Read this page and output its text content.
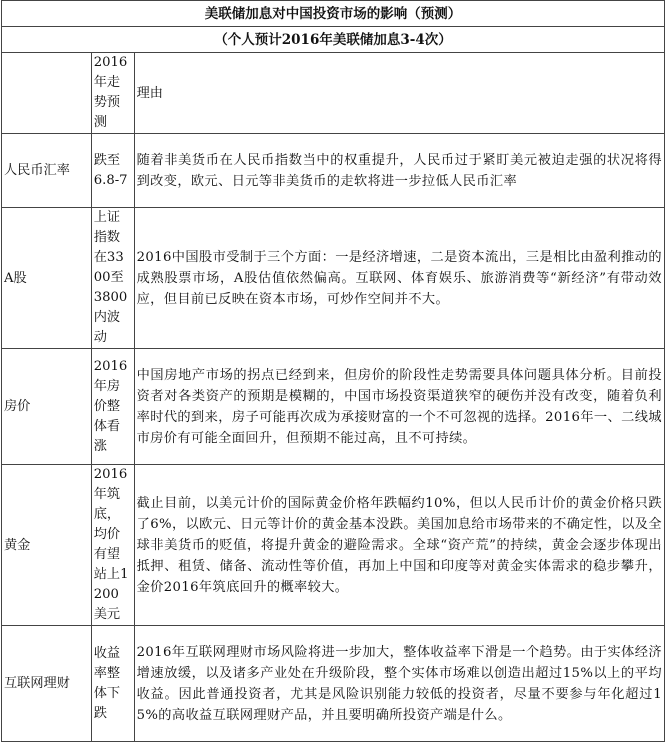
美联储加息对中国投资市场的影响（预测）		
（个人预计2016年美联储加息3-4次）		
	2016年走势预测	理由
人民币汇率	跌至6.8-7	随着非美货币在人民币指数当中的权重提升，人民币过于紧盯美元被迫走强的状况将得到改变，欧元、日元等非美货币的走软将进一步拉低人民币汇率
A股	上证指数在3300至3800内波动	2016中国股市受制于三个方面：一是经济增速，二是资本流出，三是相比由盈利推动的成熟股票市场，A股估值依然偏高。互联网、体育娱乐、旅游消费等“新经济”有带动效应，但目前已反映在资本市场，可炒作空间并不大。
房价	2016年房价整体看涨	中国房地产市场的拐点已经到来，但房价的阶段性走势需要具体问题具体分析。目前投资者对各类资产的预期是模糊的，中国市场投资渠道狭窄的硬伤并没有改变，随着负利率时代的到来，房子可能再次成为承接财富的一个不可忽视的选择。2016年一、二线城市房价有可能全面回升，但预期不能过高，且不可持续。
黄金	2016年筑底，均价有望站上1200美元	截止目前，以美元计价的国际黄金价格年跌幅约10%，但以人民币计价的黄金价格只跌了6%，以欧元、日元等计价的黄金基本没跌。美国加息给市场带来的不确定性，以及全球非美货币的贬值，将提升黄金的避险需求。全球“资产荒”的持续，黄金会逐步体现出抵押、租赁、储备、流动性等价值，再加上中国和印度等对黄金实体需求的稳步攀升，金价2016年筑底回升的概率较大。
互联网理财	收益率整体下跌	2016年互联网理财市场风险将进一步加大，整体收益率下滑是一个趋势。由于实体经济增速放缓，以及诸多产业处在升级阶段，整个实体市场难以创造出超过15%以上的平均收益。因此普通投资者，尤其是风险识别能力较低的投资者，尽量不要参与年化超过15%的高收益互联网理财产品，并且要明确所投资产端是什么。
